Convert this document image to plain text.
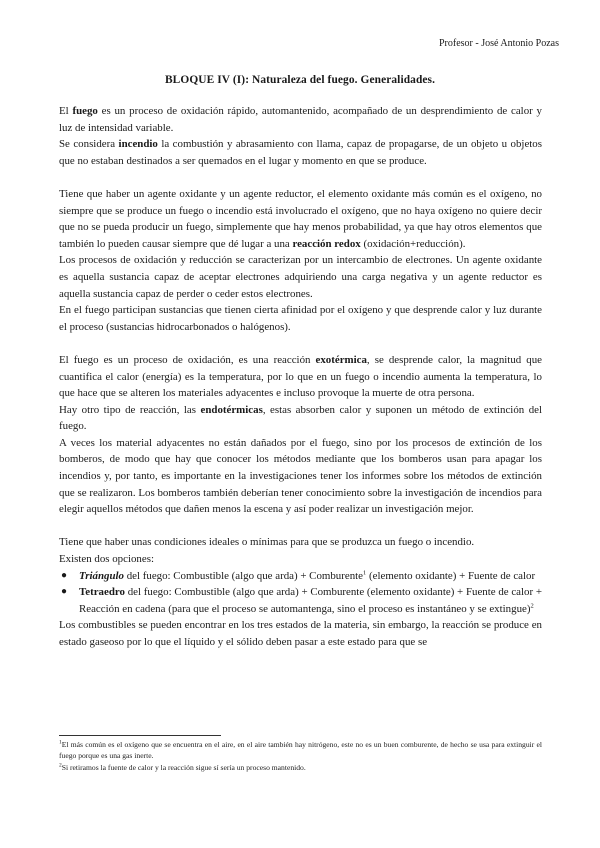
Profesor - José Antonio Pozas
BLOQUE IV (I): Naturaleza del fuego. Generalidades.

El fuego es un proceso de oxidación rápido, automantenido, acompañado de un desprendimiento de calor y luz de intensidad variable.

Se considera incendio la combustión y abrasamiento con llama, capaz de propagarse, de un objeto u objetos que no estaban destinados a ser quemados en el lugar y momento en que se produce.

Tiene que haber un agente oxidante y un agente reductor, el elemento oxidante más común es el oxígeno, no siempre que se produce un fuego o incendio está involucrado el oxígeno, que no haya oxígeno no quiere decir que no se pueda producir un fuego, simplemente que hay menos probabilidad, ya que hay otros elementos que también lo pueden causar siempre que dé lugar a una reacción redox (oxidación+reducción).

Los procesos de oxidación y reducción se caracterizan por un intercambio de electrones. Un agente oxidante es aquella sustancia capaz de aceptar electrones adquiriendo una carga negativa y un agente reductor es aquella sustancia capaz de perder o ceder estos electrones.

En el fuego participan sustancias que tienen cierta afinidad por el oxígeno y que desprende calor y luz durante el proceso (sustancias hidrocarbonados o halógenos).

El fuego es un proceso de oxidación, es una reacción exotérmica, se desprende calor, la magnitud que cuantifica el calor (energía) es la temperatura, por lo que en un fuego o incendio aumenta la temperatura, lo que hace que se alteren los materiales adyacentes e incluso provoque la muerte de otra persona.

Hay otro tipo de reacción, las endotérmicas, estas absorben calor y suponen un método de extinción del fuego.

A veces los material adyacentes no están dañados por el fuego, sino por los procesos de extinción de los bomberos, de modo que hay que conocer los métodos mediante que los bomberos usan para apagar los incendios y, por tanto, es importante en la investigaciones tener los informes sobre los métodos de extinción que se realizaron. Los bomberos también deberían tener conocimiento sobre la investigación de incendios para elegir aquellos métodos que dañen menos la escena y así poder realizar un investigación mejor.

Tiene que haber unas condiciones ideales o mínimas para que se produzca un fuego o incendio.

Existen dos opciones:

● Triángulo del fuego: Combustible (algo que arda) + Comburente$^1$ (elemento oxidante) + Fuente de calor
● Tetraedro del fuego: Combustible (algo que arda) + Comburente (elemento oxidante) + Fuente de calor + Reacción en cadena (para que el proceso se automantenga, sino el proceso es instantáneo y se extingue)$^2$

Los combustibles se pueden encontrar en los tres estados de la materia, sin embargo, la reacción se produce en estado gaseoso por lo que el líquido y el sólido deben pasar a este estado para que se

$^1$El más común es el oxígeno que se encuentra en el aire, en el aire también hay nitrógeno, este no es un buen comburente, de hecho se usa para extinguir el fuego porque es una gas inerte.

$^2$Si retiramos la fuente de calor y la reacción sigue sí sería un proceso mantenido.
